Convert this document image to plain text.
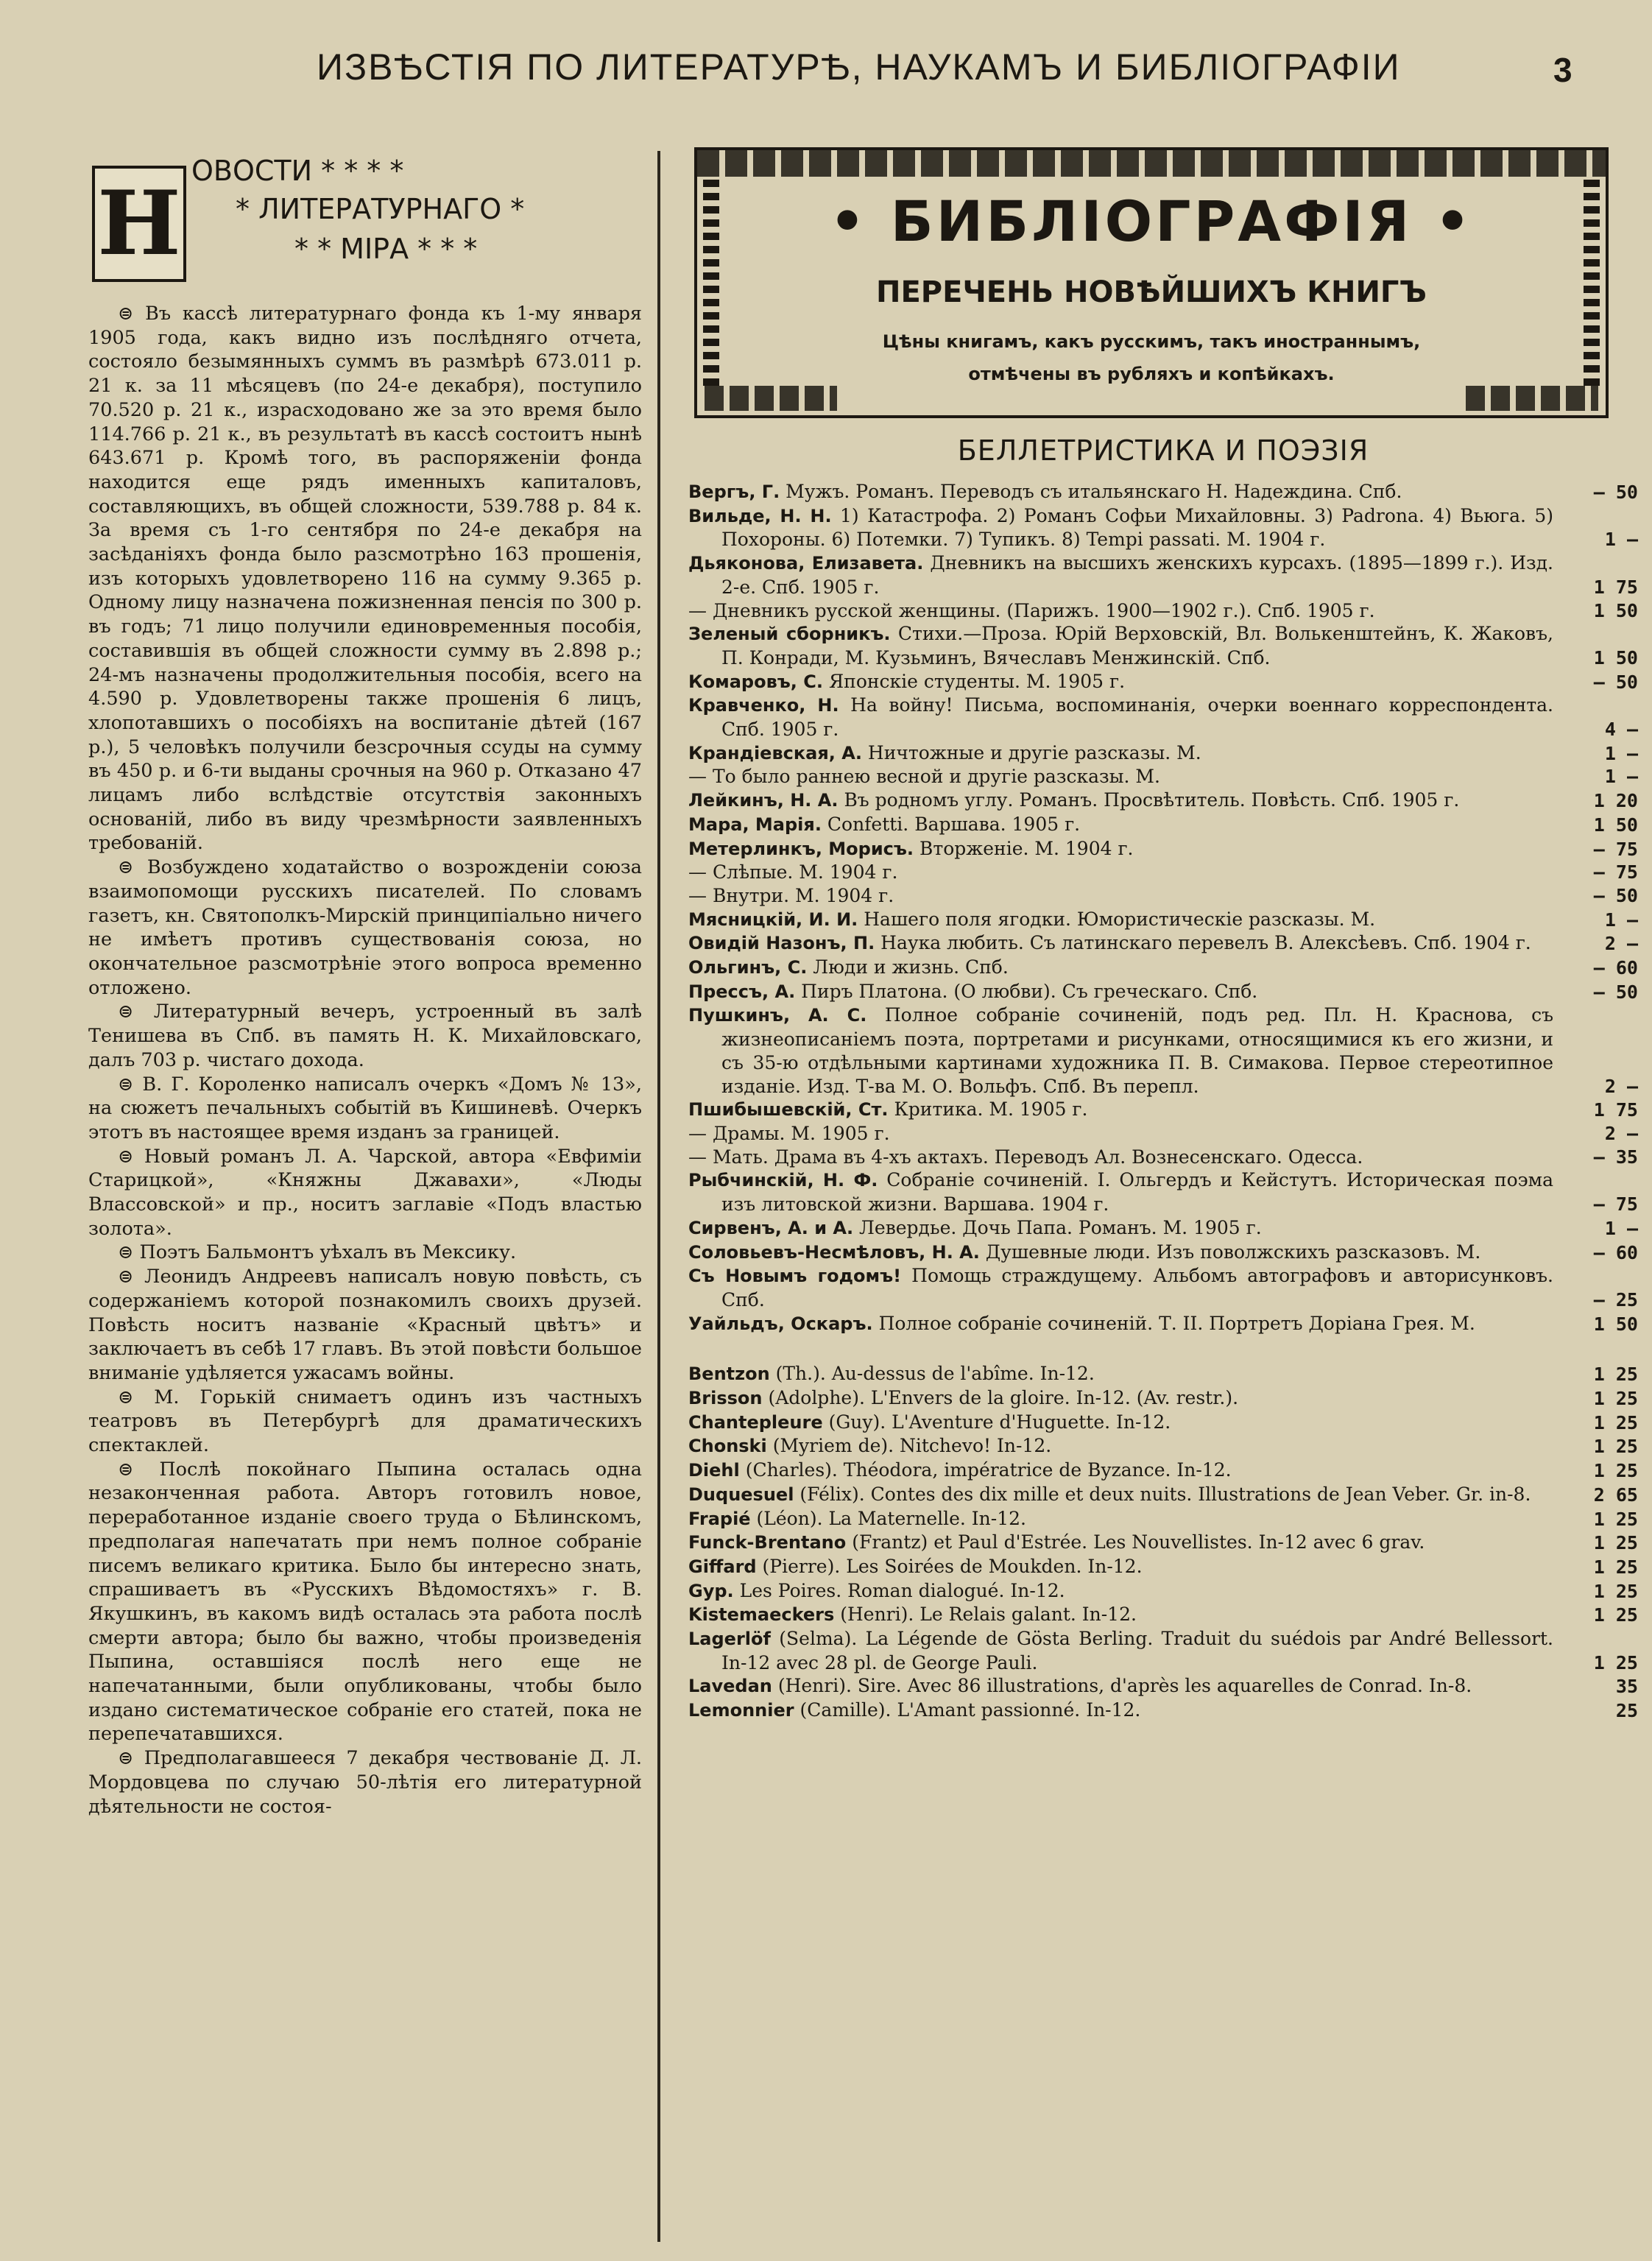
ИЗВѢСТІЯ ПО ЛИТЕРАТУРѢ, НАУКАМЪ И БИБЛІОГРАФІИ	3
Н
ОВОСТИ * * * *
* ЛИТЕРАТУРНАГО *
* * МІРА * * *

⊜ Въ кассѣ литературнаго фонда къ 1-му января 1905 года, какъ видно изъ послѣдняго отчета, состояло безымянныхъ суммъ въ размѣрѣ 673.011 р. 21 к. за 11 мѣсяцевъ (по 24-е декабря), поступило 70.520 р. 21 к., израсходовано же за это время было 114.766 р. 21 к., въ результатѣ въ кассѣ состоитъ нынѣ 643.671 р. Кромѣ того, въ распоряженіи фонда находится еще рядъ именныхъ капиталовъ, составляющихъ, въ общей сложности, 539.788 р. 84 к. За время съ 1-го сентября по 24-е декабря на засѣданіяхъ фонда было разсмотрѣно 163 прошенія, изъ которыхъ удовлетворено 116 на сумму 9.365 р. Одному лицу назначена пожизненная пенсія по 300 р. въ годъ; 71 лицо получили единовременныя пособія, составившія въ общей сложности сумму въ 2.898 р.; 24-мъ назначены продолжительныя пособія, всего на 4.590 р. Удовлетворены также прошенія 6 лицъ, хлопотавшихъ о пособіяхъ на воспитаніе дѣтей (167 р.), 5 человѣкъ получили безсрочныя ссуды на сумму въ 450 р. и 6-ти выданы срочныя на 960 р. Отказано 47 лицамъ либо вслѣдствіе отсутствія законныхъ основаній, либо въ виду чрезмѣрности заявленныхъ требованій.

⊜ Возбуждено ходатайство о возрожденіи союза взаимопомощи русскихъ писателей. По словамъ газетъ, кн. Святополкъ-Мирскій принципіально ничего не имѣетъ противъ существованія союза, но окончательное разсмотрѣніе этого вопроса временно отложено.

⊜ Литературный вечеръ, устроенный въ залѣ Тенишева въ Спб. въ память Н. К. Михайловскаго, далъ 703 р. чистаго дохода.

⊜ В. Г. Короленко написалъ очеркъ «Домъ № 13», на сюжетъ печальныхъ событій въ Кишиневѣ. Очеркъ этотъ въ настоящее время изданъ за границей.

⊜ Новый романъ Л. А. Чарской, автора «Евфиміи Старицкой», «Княжны Джавахи», «Люды Влассовской» и пр., носитъ заглавіе «Подъ властью золота».

⊜ Поэтъ Бальмонтъ уѣхалъ въ Мексику.

⊜ Леонидъ Андреевъ написалъ новую повѣсть, съ содержаніемъ которой познакомилъ своихъ друзей. Повѣсть носитъ названіе «Красный цвѣтъ» и заключаетъ въ себѣ 17 главъ. Въ этой повѣсти большое вниманіе удѣляется ужасамъ войны.

⊜ М. Горькій снимаетъ одинъ изъ частныхъ театровъ въ Петербургѣ для драматическихъ спектаклей.

⊜ Послѣ покойнаго Пыпина осталась одна незаконченная работа. Авторъ готовилъ новое, переработанное изданіе своего труда о Бѣлинскомъ, предполагая напечатать при немъ полное собраніе писемъ великаго критика. Было бы интересно знать, спрашиваетъ въ «Русскихъ Вѣдомостяхъ» г. В. Якушкинъ, въ какомъ видѣ осталась эта работа послѣ смерти автора; было бы важно, чтобы произведенія Пыпина, оставшіяся послѣ него еще не напечатанными, были опубликованы, чтобы было издано систематическое собраніе его статей, пока не перепечатавшихся.

⊜ Предполагавшееся 7 декабря чествованіе Д. Л. Мордовцева по случаю 50-лѣтія его литературной дѣятельности не состоя-

• БИБЛІОГРАФІЯ •
ПЕРЕЧЕНЬ НОВѢЙШИХЪ КНИГЪ
Цѣны книгамъ, какъ русскимъ, такъ иностраннымъ,
отмѣчены въ рубляхъ и копѣйкахъ.
БЕЛЛЕТРИСТИКА И ПОЭЗІЯ
Вергъ, Г. Мужъ. Романъ. Переводъ съ итальянскаго Н. Надеждина. Спб.	— 50
Вильде, Н. Н. 1) Катастрофа. 2) Романъ Софьи Михайловны. 3) Padrona. 4) Вьюга. 5) Похороны. 6) Потемки. 7) Тупикъ. 8) Tempi passati. М. 1904 г.	1 —
Дьяконова, Елизавета. Дневникъ на высшихъ женскихъ курсахъ. (1895—1899 г.). Изд. 2-е. Спб. 1905 г.	1 75
— Дневникъ русской женщины. (Парижъ. 1900—1902 г.). Спб. 1905 г.	1 50
Зеленый сборникъ. Стихи.—Проза. Юрій Верховскій, Вл. Волькенштейнъ, К. Жаковъ, П. Конради, М. Кузьминъ, Вячеславъ Менжинскій. Спб.	1 50
Комаровъ, С. Японскіе студенты. М. 1905 г.	— 50
Кравченко, Н. На войну! Письма, воспоминанія, очерки военнаго корреспондента. Спб. 1905 г.	4 —
Крандіевская, А. Ничтожные и другіе разсказы. М.	1 —
— То было раннею весной и другіе разсказы. М.	1 —
Лейкинъ, Н. А. Въ родномъ углу. Романъ. Просвѣтитель. Повѣсть. Спб. 1905 г.	1 20
Мара, Марія. Confetti. Варшава. 1905 г.	1 50
Метерлинкъ, Морисъ. Вторженіе. М. 1904 г.	— 75
— Слѣпые. М. 1904 г.	— 75
— Внутри. М. 1904 г.	— 50
Мясницкій, И. И. Нашего поля ягодки. Юмористическіе разсказы. М.	1 —
Овидій Назонъ, П. Наука любить. Съ латинскаго перевелъ В. Алексѣевъ. Спб. 1904 г.	2 —
Ольгинъ, С. Люди и жизнь. Спб.	— 60
Прессъ, А. Пиръ Платона. (О любви). Съ греческаго. Спб.	— 50
Пушкинъ, А. С. Полное собраніе сочиненій, подъ ред. Пл. Н. Краснова, съ жизнеописаніемъ поэта, портретами и рисунками, относящимися къ его жизни, и съ 35-ю отдѣльными картинами художника П. В. Симакова. Первое стереотипное изданіе. Изд. Т-ва М. О. Вольфъ. Спб. Въ перепл.	2 —
Пшибышевскій, Ст. Критика. М. 1905 г.	1 75
— Драмы. М. 1905 г.	2 —
— Мать. Драма въ 4-хъ актахъ. Переводъ Ал. Вознесенскаго. Одесса.	— 35
Рыбчинскій, Н. Ф. Собраніе сочиненій. I. Ольгердъ и Кейстутъ. Историческая поэма изъ литовской жизни. Варшава. 1904 г.	— 75
Сирвенъ, А. и А. Левердье. Дочь Папа. Романъ. М. 1905 г.	1 —
Соловьевъ-Несмѣловъ, Н. А. Душевные люди. Изъ поволжскихъ разсказовъ. М.	— 60
Съ Новымъ годомъ! Помощь страждущему. Альбомъ автографовъ и авторисунковъ. Спб.	— 25
Уайльдъ, Оскаръ. Полное собраніе сочиненій. Т. II. Портретъ Доріана Грея. М.	1 50
Bentzon (Th.). Au-dessus de l'abîme. In-12.	1 25
Brisson (Adolphe). L'Envers de la gloire. In-12. (Av. restr.).	1 25
Chantepleure (Guy). L'Aventure d'Huguette. In-12.	1 25
Chonski (Myriem de). Nitchevo! In-12.	1 25
Diehl (Charles). Théodora, impératrice de Byzance. In-12.	1 25
Duquesuel (Félix). Contes des dix mille et deux nuits. Illustrations de Jean Veber. Gr. in-8.	2 65
Frapié (Léon). La Maternelle. In-12.	1 25
Funck-Brentano (Frantz) et Paul d'Estrée. Les Nouvellistes. In-12 avec 6 grav.	1 25
Giffard (Pierre). Les Soirées de Moukden. In-12.	1 25
Gyp. Les Poires. Roman dialogué. In-12.	1 25
Kistemaeckers (Henri). Le Relais galant. In-12.	1 25
Lagerlöf (Selma). La Légende de Gösta Berling. Traduit du suédois par André Bellessort. In-12 avec 28 pl. de George Pauli.	1 25
Lavedan (Henri). Sire. Avec 86 illustrations, d'après les aquarelles de Conrad. In-8.	35
Lemonnier (Camille). L'Amant passionné. In-12.	25
